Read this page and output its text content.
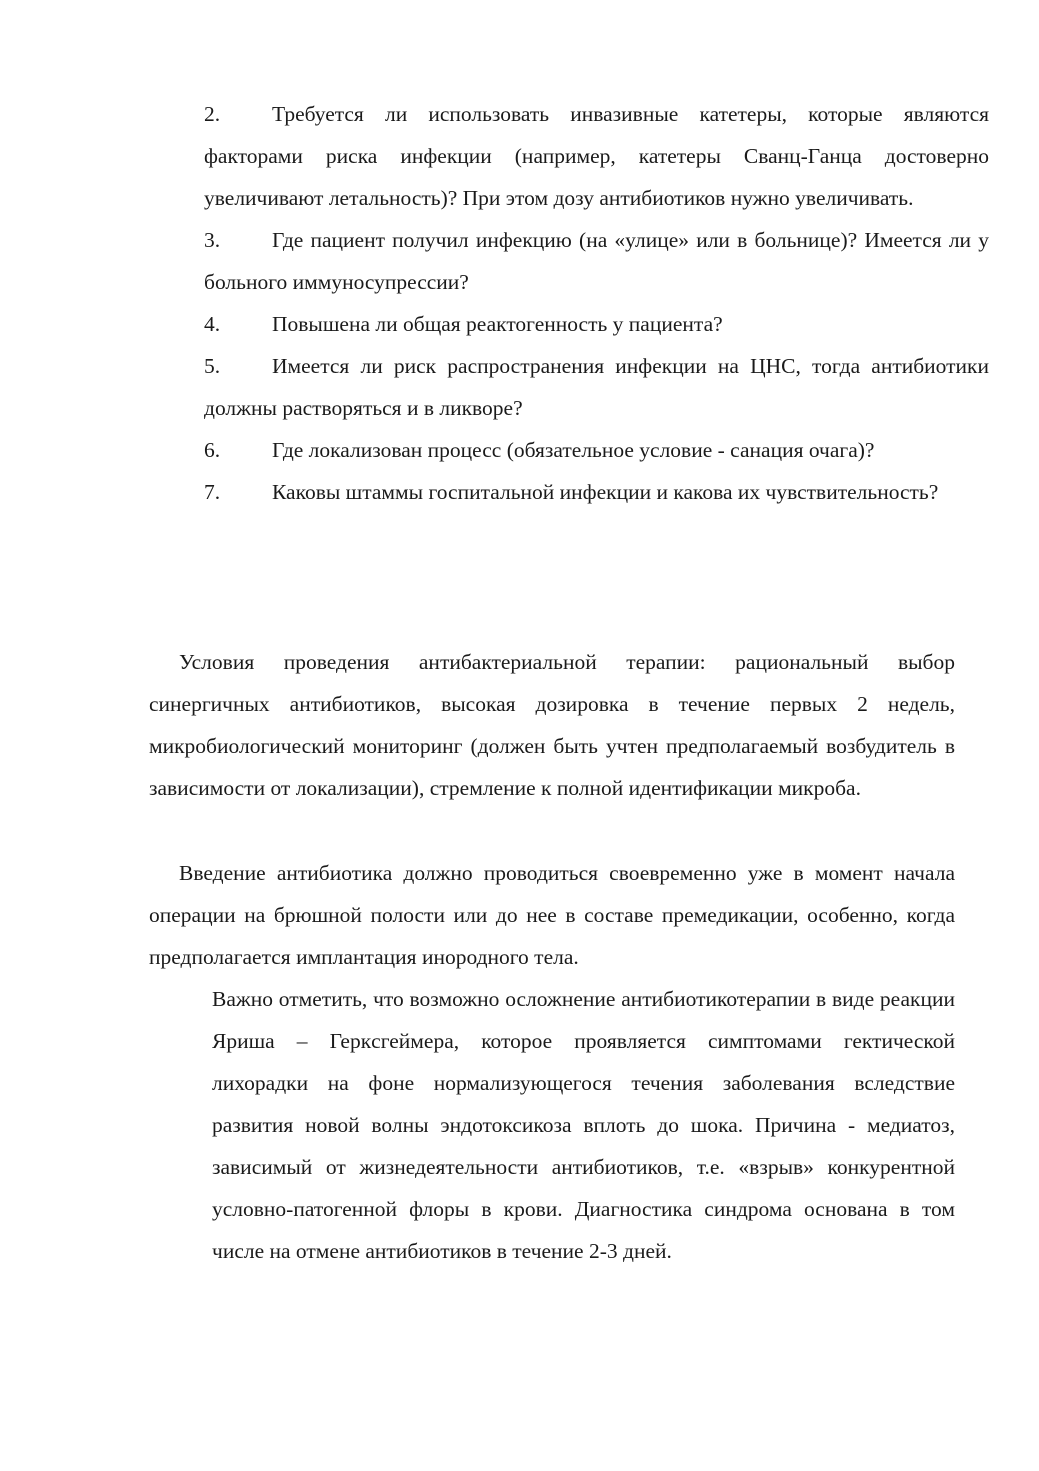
2. Требуется ли использовать инвазивные катетеры, которые являются факторами риска инфекции (например, катетеры Сванц-Ганца достоверно увеличивают летальность)? При этом дозу антибиотиков нужно увеличивать.

3. Где пациент получил инфекцию (на «улице» или в больнице)? Имеется ли у больного иммуносупрессии?

4. Повышена ли общая реактогенность у пациента?

5. Имеется ли риск распространения инфекции на ЦНС, тогда антибиотики должны растворяться и в ликворе?

6. Где локализован процесс (обязательное условие - санация очага)?

7. Каковы штаммы госпитальной инфекции и какова их чувствительность?

Условия проведения антибактериальной терапии: рациональный выбор синергичных антибиотиков, высокая дозировка в течение первых 2 недель, микробиологический мониторинг (должен быть учтен предполагаемый возбудитель в зависимости от локализации), стремление к полной идентификации микроба.

Введение антибиотика должно проводиться своевременно уже в момент начала операции на брюшной полости или до нее в составе премедикации, особенно, когда предполагается имплантация инородного тела.

Важно отметить, что возможно осложнение антибиотикотерапии в виде реакции Яриша – Геркcгеймера, которое проявляется симптомами гектической лихорадки на фоне нормализующегося течения заболевания вследствие развития новой волны эндотоксикоза вплоть до шока. Причина - медиатоз, зависимый от жизнедеятельности антибиотиков, т.е. «взрыв» конкурентной условно-патогенной флоры в крови. Диагностика синдрома основана в том числе на отмене антибиотиков в течение 2-3 дней.
